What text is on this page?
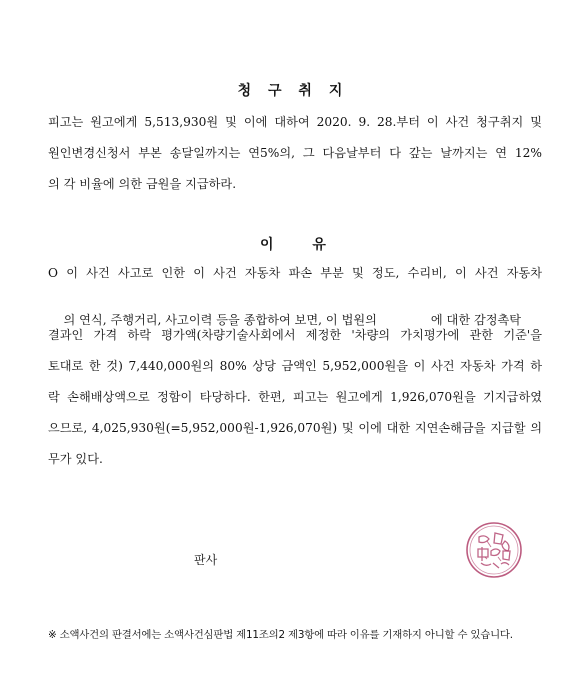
청 구 취 지
피고는 원고에게 5,513,930원 및 이에 대하여 2020. 9. 28.부터 이 사건 청구취지 및
원인변경신청서 부본 송달일까지는 연5%의, 그 다음날부터 다 갚는 날까지는 연 12%
의 각 비율에 의한 금원을 지급하라.
이 유
O 이 사건 사고로 인한 이 사건 자동차 파손 부분 및 정도, 수리비, 이 사건 자동차

의 연식, 주행거리, 사고이력 등을 종합하여 보면, 이 법원의	에 대한 감정촉탁

결과인 가격 하락 평가액(차량기술사회에서 제정한 '차량의 가치평가에 관한 기준'을
토대로 한 것) 7,440,000원의 80% 상당 금액인 5,952,000원을 이 사건 자동차 가격 하
락 손해배상액으로 정함이 타당하다. 한편, 피고는 원고에게 1,926,070원을 기지급하였
으므로, 4,025,930원(=5,952,000원-1,926,070원) 및 이에 대한 지연손해금을 지급할 의
무가 있다.
판사
※ 소액사건의 판결서에는 소액사건심판법 제11조의2 제3항에 따라 이유를 기재하지 아니할 수 있습니다.
